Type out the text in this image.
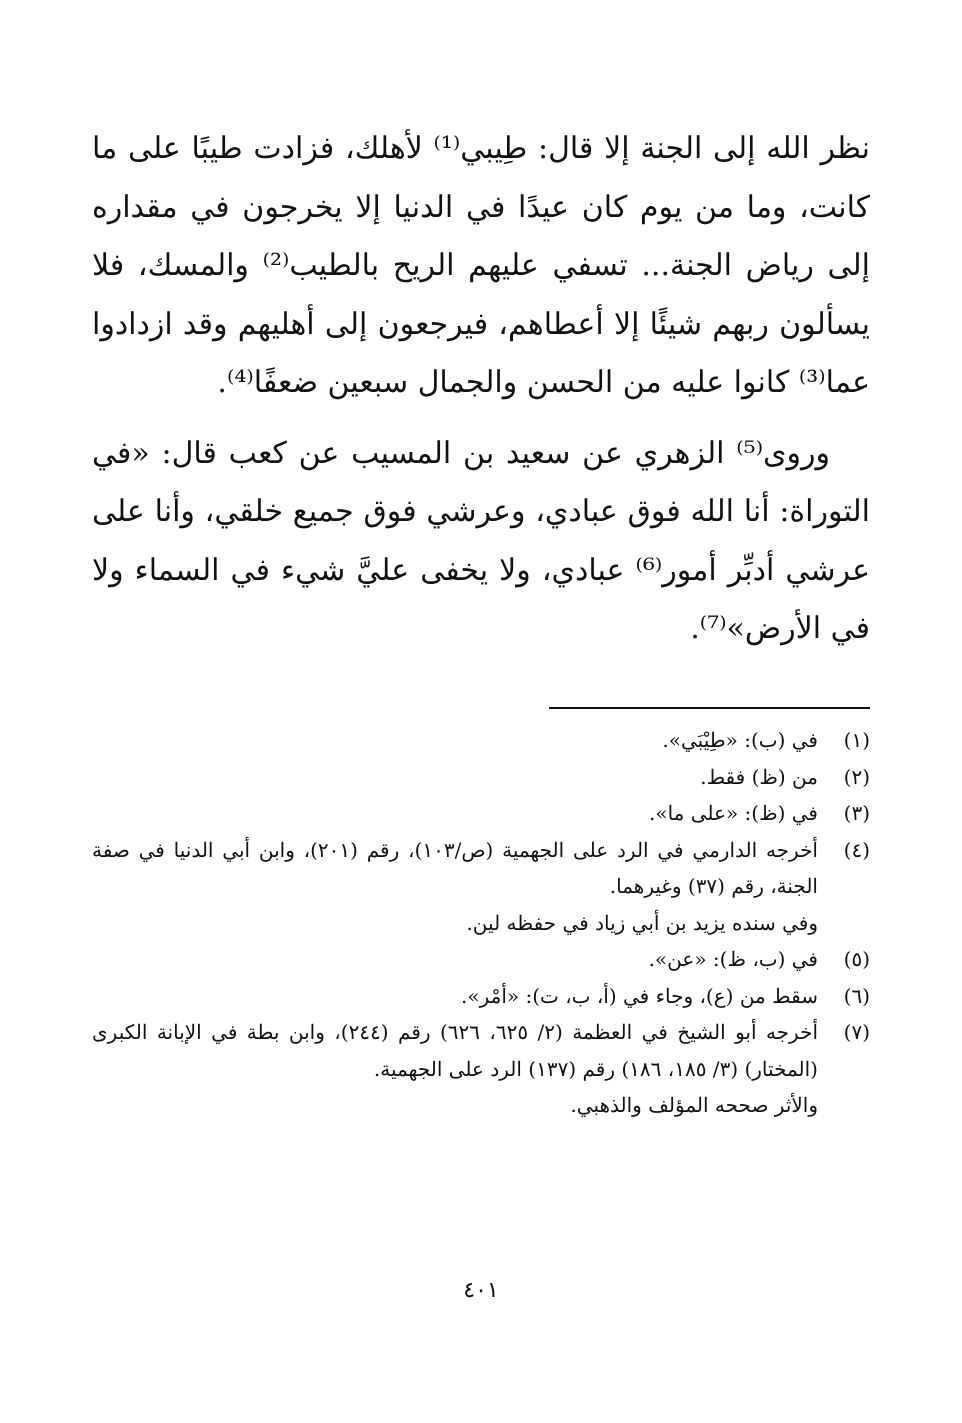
نظر الله إلى الجنة إلا قال: طِيبي⁽¹⁾ لأهلك، فزادت طيبًا على ما كانت، وما من يوم كان عيدًا في الدنيا إلا يخرجون في مقداره إلى رياض الجنة... تسفي عليهم الريح بالطيب⁽²⁾ والمسك، فلا يسألون ربهم شيئًا إلا أعطاهم، فيرجعون إلى أهليهم وقد ازدادوا عما⁽³⁾ كانوا عليه من الحسن والجمال سبعين ضعفًا⁽⁴⁾.

وروى⁽⁵⁾ الزهري عن سعيد بن المسيب عن كعب قال: «في التوراة: أنا الله فوق عبادي، وعرشي فوق جميع خلقي، وأنا على عرشي أدبِّر أمور⁽⁶⁾ عبادي، ولا يخفى عليَّ شيء في السماء ولا في الأرض»⁽⁷⁾.

(١)
في (ب): «طِيْبَي».
(٢)
من (ظ) فقط.
(٣)
في (ظ): «على ما».
(٤)
أخرجه الدارمي في الرد على الجهمية (ص/١٠٣)، رقم (٢٠١)، وابن أبي الدنيا في صفة الجنة، رقم (٣٧) وغيرهما.
وفي سنده يزيد بن أبي زياد في حفظه لين.
(٥)
في (ب، ظ): «عن».
(٦)
سقط من (ع)، وجاء في (أ، ب، ت): «أمْر».
(٧)
أخرجه أبو الشيخ في العظمة (٢/ ٦٢٥، ٦٢٦) رقم (٢٤٤)، وابن بطة في الإبانة الكبرى (المختار) (٣/ ١٨٥، ١٨٦) رقم (١٣٧) الرد على الجهمية.
والأثر صححه المؤلف والذهبي.
٤٠١
